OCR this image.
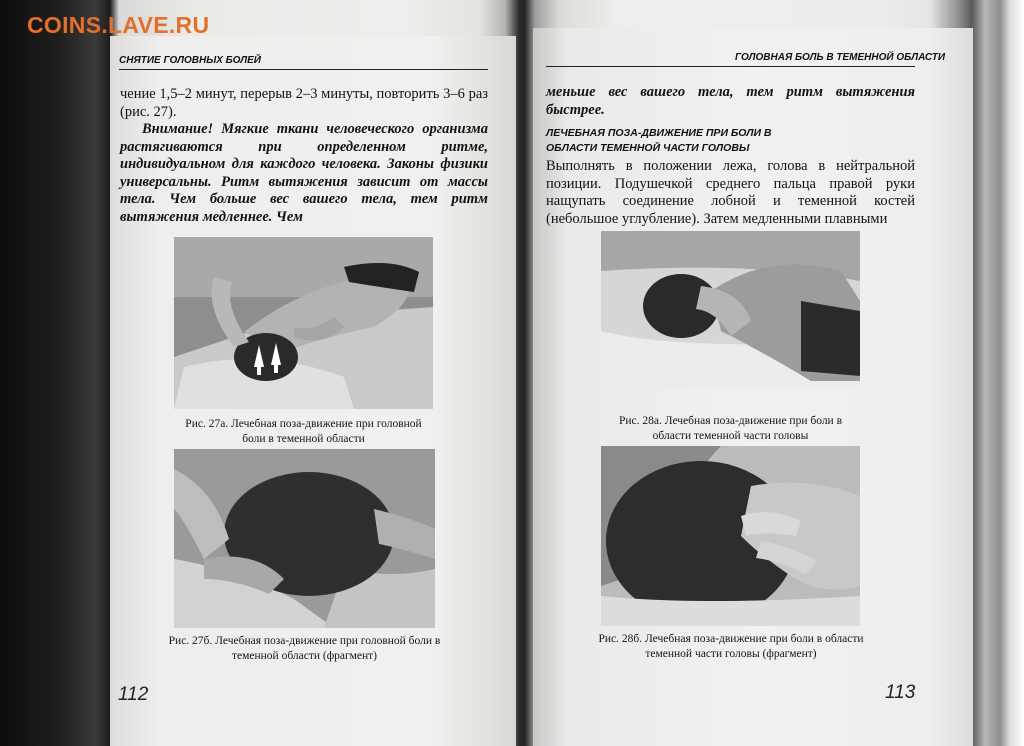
COINS.LAVE.RU
СНЯТИЕ ГОЛОВНЫХ БОЛЕЙ
чение 1,5–2 минут, перерыв 2–3 минуты, повторить 3–6 раз (рис. 27).
Внимание! Мягкие ткани человеческого организма растягиваются при определенном ритме, индивидуальном для каждого человека. Законы физики универсальны. Ритм вытяжения зависит от массы тела. Чем больше вес вашего тела, тем ритм вытяжения медленнее. Чем
Рис. 27а. Лечебная поза-движение при головной боли в теменной области
Рис. 27б. Лечебная поза-движение при головной боли в теменной области (фрагмент)
112
ГОЛОВНАЯ БОЛЬ В ТЕМЕННОЙ ОБЛАСТИ
меньше вес вашего тела, тем ритм вытяжения быстрее.
ЛЕЧЕБНАЯ ПОЗА-ДВИЖЕНИЕ ПРИ БОЛИ В ОБЛАСТИ ТЕМЕННОЙ ЧАСТИ ГОЛОВЫ
Выполнять в положении лежа, голова в нейтральной позиции. Подушечкой среднего пальца правой руки нащупать соединение лобной и теменной костей (небольшое углубление). Затем медленными плавными
Рис. 28а. Лечебная поза-движение при боли в области теменной части головы
Рис. 28б. Лечебная поза-движение при боли в области теменной части головы (фрагмент)
113
